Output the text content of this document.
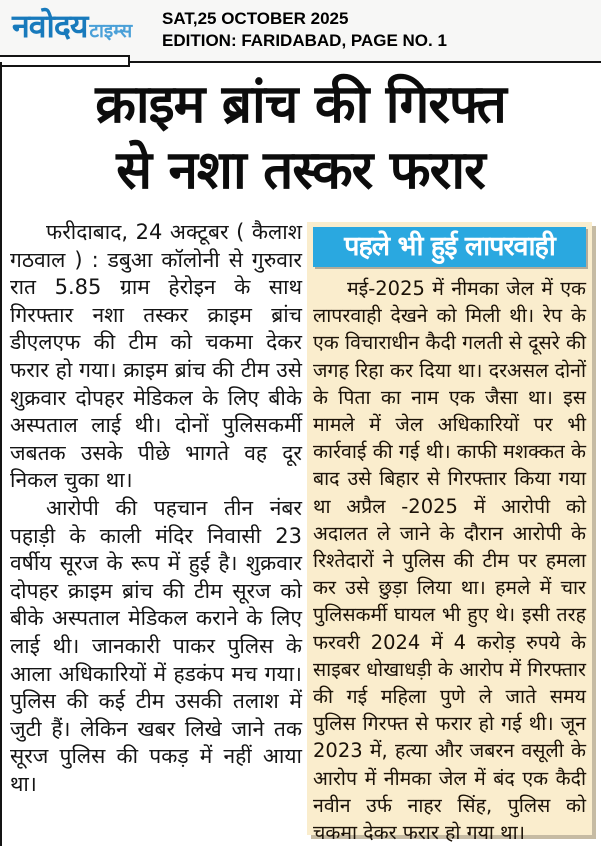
नवोदय टाइम्स
SAT,25 OCTOBER 2025
EDITION: FARIDABAD, PAGE NO. 1
क्राइम ब्रांच की गिरफ्त
से नशा तस्कर फरार

फरीदाबाद, 24 अक्टूबर ( कैलाश गठवाल ) : डबुआ कॉलोनी से गुरुवार रात 5.85 ग्राम हेरोइन के साथ गिरफ्तार नशा तस्कर क्राइम ब्रांच डीएलएफ की टीम को चकमा देकर फरार हो गया। क्राइम ब्रांच की टीम उसे शुक्रवार दोपहर मेडिकल के लिए बीके अस्पताल लाई थी। दोनों पुलिसकर्मी जबतक उसके पीछे भागते वह दूर निकल चुका था।

आरोपी की पहचान तीन नंबर पहाड़ी के काली मंदिर निवासी 23 वर्षीय सूरज के रूप में हुई है। शुक्रवार दोपहर क्राइम ब्रांच की टीम सूरज को बीके अस्पताल मेडिकल कराने के लिए लाई थी। जानकारी पाकर पुलिस के आला अधिकारियों में हडकंप मच गया। पुलिस की कई टीम उसकी तलाश में जुटी हैं। लेकिन खबर लिखे जाने तक सूरज पुलिस की पकड़ में नहीं आया था।

पहले भी हुई लापरवाही
मई-2025 में नीमका जेल में एक लापरवाही देखने को मिली थी। रेप के एक विचाराधीन कैदी गलती से दूसरे की जगह रिहा कर दिया था। दरअसल दोनों के पिता का नाम एक जैसा था। इस मामले में जेल अधिकारियों पर भी कार्रवाई की गई थी। काफी मशक्कत के बाद उसे बिहार से गिरफ्तार किया गया था अप्रैल -2025 में आरोपी को अदालत ले जाने के दौरान आरोपी के रिश्तेदारों ने पुलिस की टीम पर हमला कर उसे छुड़ा लिया था। हमले में चार पुलिसकर्मी घायल भी हुए थे। इसी तरह फरवरी 2024 में 4 करोड़ रुपये के साइबर धोखाधड़ी के आरोप में गिरफ्तार की गई महिला पुणे ले जाते समय पुलिस गिरफ्त से फरार हो गई थी। जून 2023 में, हत्या और जबरन वसूली के आरोप में नीमका जेल में बंद एक कैदी नवीन उर्फ नाहर सिंह, पुलिस को चकमा देकर फरार हो गया था।
